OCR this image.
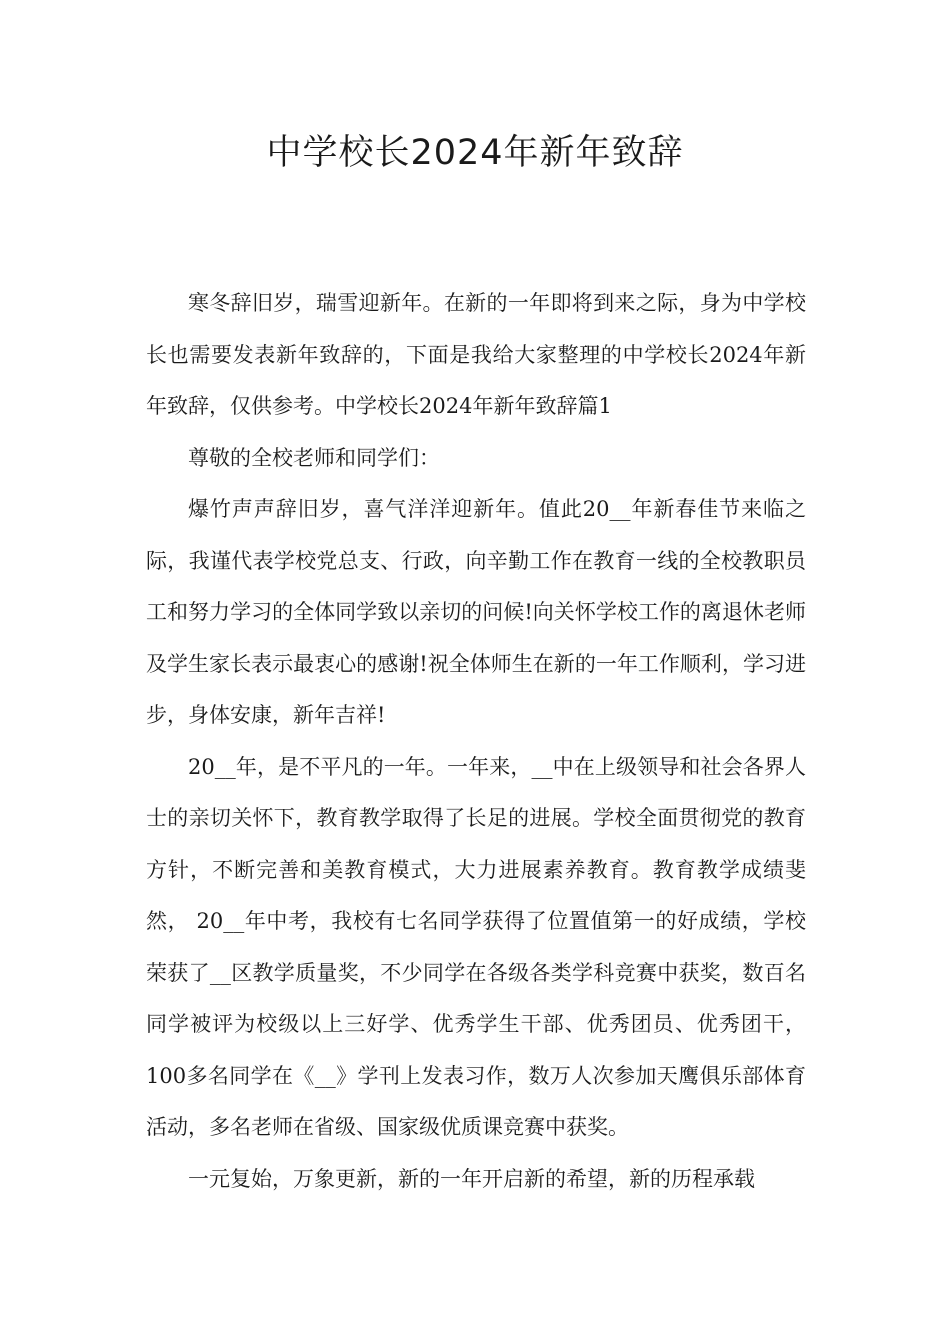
中学校长2024年新年致辞

寒冬辞旧岁，瑞雪迎新年。在新的一年即将到来之际，身为中学校长也需要发表新年致辞的，下面是我给大家整理的中学校长2024年新年致辞，仅供参考。中学校长2024年新年致辞篇1

尊敬的全校老师和同学们：

爆竹声声辞旧岁，喜气洋洋迎新年。值此20__年新春佳节来临之际，我谨代表学校党总支、行政，向辛勤工作在教育一线的全校教职员工和努力学习的全体同学致以亲切的问候!向关怀学校工作的离退休老师及学生家长表示最衷心的感谢!祝全体师生在新的一年工作顺利，学习进步，身体安康，新年吉祥!

20__年，是不平凡的一年。一年来，__中在上级领导和社会各界人士的亲切关怀下，教育教学取得了长足的进展。学校全面贯彻党的教育方针，不断完善和美教育模式，大力进展素养教育。教育教学成绩斐然， 20__年中考，我校有七名同学获得了位置值第一的好成绩，学校荣获了__区教学质量奖，不少同学在各级各类学科竞赛中获奖，数百名同学被评为校级以上三好学、优秀学生干部、优秀团员、优秀团干，100多名同学在《__》学刊上发表习作，数万人次参加天鹰俱乐部体育活动，多名老师在省级、国家级优质课竞赛中获奖。

一元复始，万象更新，新的一年开启新的希望，新的历程承载
